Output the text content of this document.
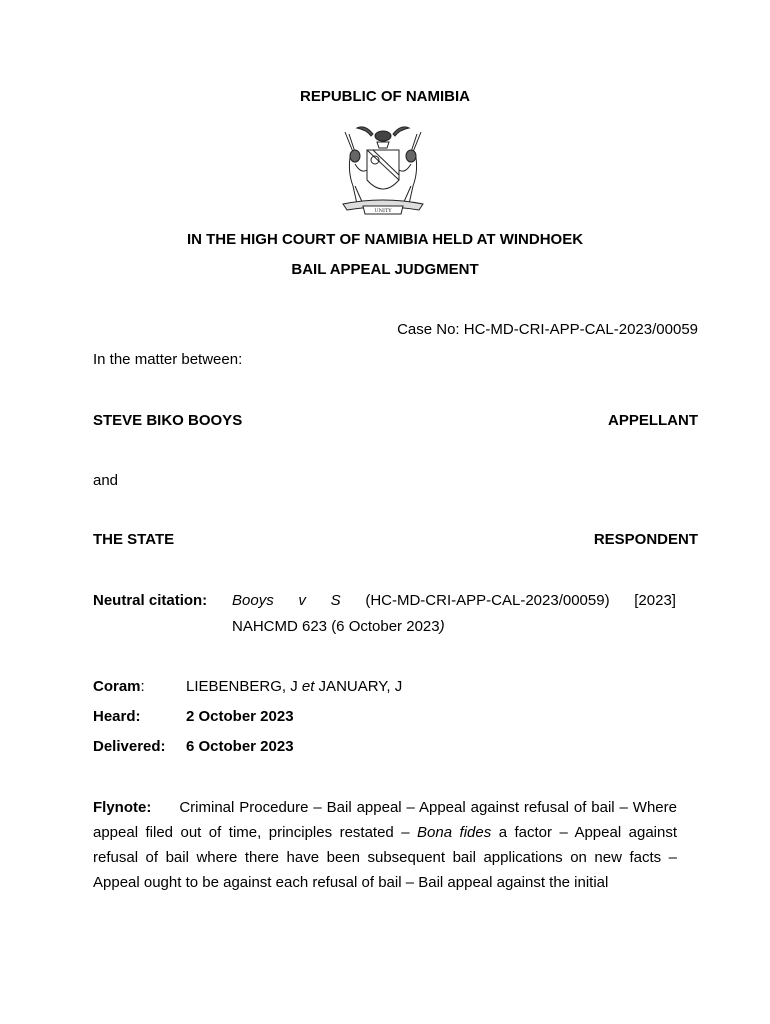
REPUBLIC OF NAMIBIA
UNITY
IN THE HIGH COURT OF NAMIBIA HELD AT WINDHOEK
BAIL APPEAL JUDGMENT
Case No: HC-MD-CRI-APP-CAL-2023/00059
In the matter between:
STEVE BIKO BOOYS	APPELLANT
and
THE STATE	RESPONDENT
Neutral citation: Booys v S (HC-MD-CRI-APP-CAL-2023/00059) [2023]
NAHCMD 623 (6 October 2023)
Coram:	LIEBENBERG, J et JANUARY, J
Heard:	2 October 2023
Delivered: 6 October 2023
Flynote: Criminal Procedure – Bail appeal – Appeal against refusal of bail – Where appeal filed out of time, principles restated – Bona fides a factor – Appeal against refusal of bail where there have been subsequent bail applications on new facts – Appeal ought to be against each refusal of bail – Bail appeal against the initial
